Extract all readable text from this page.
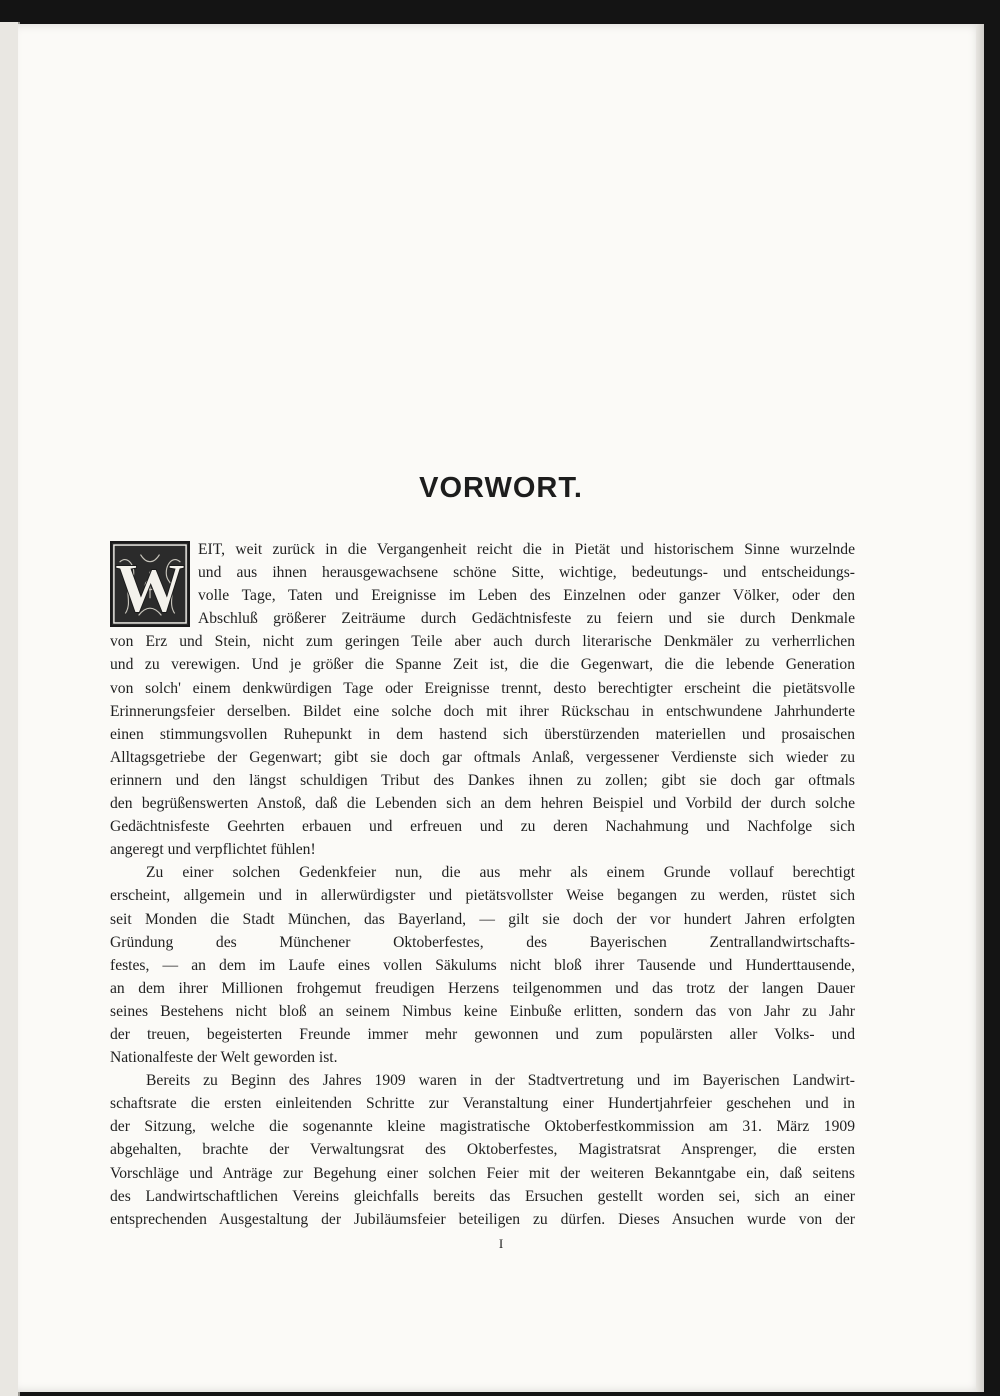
VORWORT.
W
EIT, weit zurück in die Vergangenheit reicht die in Pietät und historischem Sinne wurzelnde
und aus ihnen herausgewachsene schöne Sitte, wichtige, bedeutungs- und entscheidungs-
volle Tage, Taten und Ereignisse im Leben des Einzelnen oder ganzer Völker, oder den
Abschluß größerer Zeiträume durch Gedächtnisfeste zu feiern und sie durch Denkmale
von Erz und Stein, nicht zum geringen Teile aber auch durch literarische Denkmäler zu verherrlichen
und zu verewigen. Und je größer die Spanne Zeit ist, die die Gegenwart, die die lebende Generation
von solch' einem denkwürdigen Tage oder Ereignisse trennt, desto berechtigter erscheint die pietätsvolle
Erinnerungsfeier derselben. Bildet eine solche doch mit ihrer Rückschau in entschwundene Jahrhunderte
einen stimmungsvollen Ruhepunkt in dem hastend sich überstürzenden materiellen und prosaischen
Alltagsgetriebe der Gegenwart; gibt sie doch gar oftmals Anlaß, vergessener Verdienste sich wieder zu
erinnern und den längst schuldigen Tribut des Dankes ihnen zu zollen; gibt sie doch gar oftmals
den begrüßenswerten Anstoß, daß die Lebenden sich an dem hehren Beispiel und Vorbild der durch solche
Gedächtnisfeste Geehrten erbauen und erfreuen und zu deren Nachahmung und Nachfolge sich
angeregt und verpflichtet fühlen!
Zu einer solchen Gedenkfeier nun, die aus mehr als einem Grunde vollauf berechtigt
erscheint, allgemein und in allerwürdigster und pietätsvollster Weise begangen zu werden, rüstet sich
seit Monden die Stadt München, das Bayerland, — gilt sie doch der vor hundert Jahren erfolgten
Gründung des Münchener Oktoberfestes, des Bayerischen Zentrallandwirtschafts-
festes, — an dem im Laufe eines vollen Säkulums nicht bloß ihrer Tausende und Hunderttausende,
an dem ihrer Millionen frohgemut freudigen Herzens teilgenommen und das trotz der langen Dauer
seines Bestehens nicht bloß an seinem Nimbus keine Einbuße erlitten, sondern das von Jahr zu Jahr
der treuen, begeisterten Freunde immer mehr gewonnen und zum populärsten aller Volks- und
Nationalfeste der Welt geworden ist.
Bereits zu Beginn des Jahres 1909 waren in der Stadtvertretung und im Bayerischen Landwirt-
schaftsrate die ersten einleitenden Schritte zur Veranstaltung einer Hundertjahrfeier geschehen und in
der Sitzung, welche die sogenannte kleine magistratische Oktoberfestkommission am 31. März 1909
abgehalten, brachte der Verwaltungsrat des Oktoberfestes, Magistratsrat Ansprenger, die ersten
Vorschläge und Anträge zur Begehung einer solchen Feier mit der weiteren Bekanntgabe ein, daß seitens
des Landwirtschaftlichen Vereins gleichfalls bereits das Ersuchen gestellt worden sei, sich an einer
entsprechenden Ausgestaltung der Jubiläumsfeier beteiligen zu dürfen. Dieses Ansuchen wurde von der
I
